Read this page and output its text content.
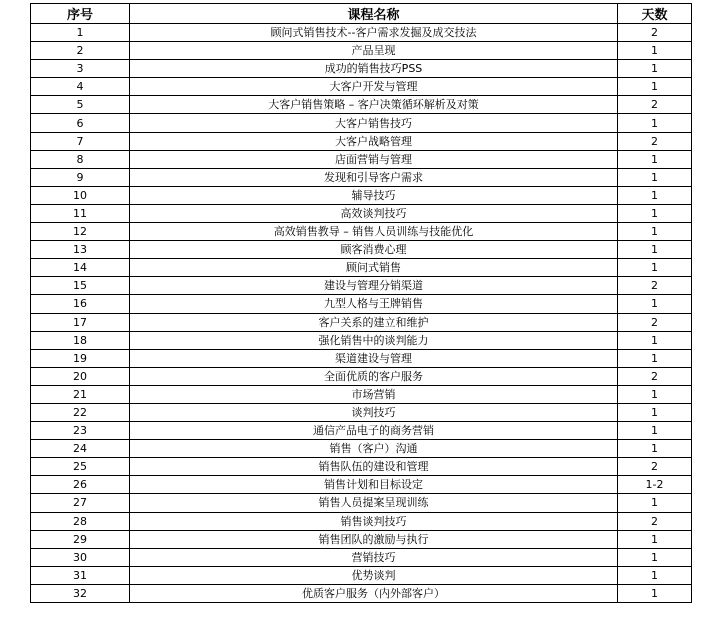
序号	课程名称	天数
1	顾问式销售技术--客户需求发掘及成交技法	2
2	产品呈现	1
3	成功的销售技巧PSS	1
4	大客户开发与管理	1
5	大客户销售策略 – 客户决策循环解析及对策	2
6	大客户销售技巧	1
7	大客户战略管理	2
8	店面营销与管理	1
9	发现和引导客户需求	1
10	辅导技巧	1
11	高效谈判技巧	1
12	高效销售教导 – 销售人员训练与技能优化	1
13	顾客消费心理	1
14	顾问式销售	1
15	建设与管理分销渠道	2
16	九型人格与王牌销售	1
17	客户关系的建立和维护	2
18	强化销售中的谈判能力	1
19	渠道建设与管理	1
20	全面优质的客户服务	2
21	市场营销	1
22	谈判技巧	1
23	通信产品电子的商务营销	1
24	销售（客户）沟通	1
25	销售队伍的建设和管理	2
26	销售计划和目标设定	1-2
27	销售人员提案呈现训练	1
28	销售谈判技巧	2
29	销售团队的激励与执行	1
30	营销技巧	1
31	优势谈判	1
32	优质客户服务（内外部客户）	1
